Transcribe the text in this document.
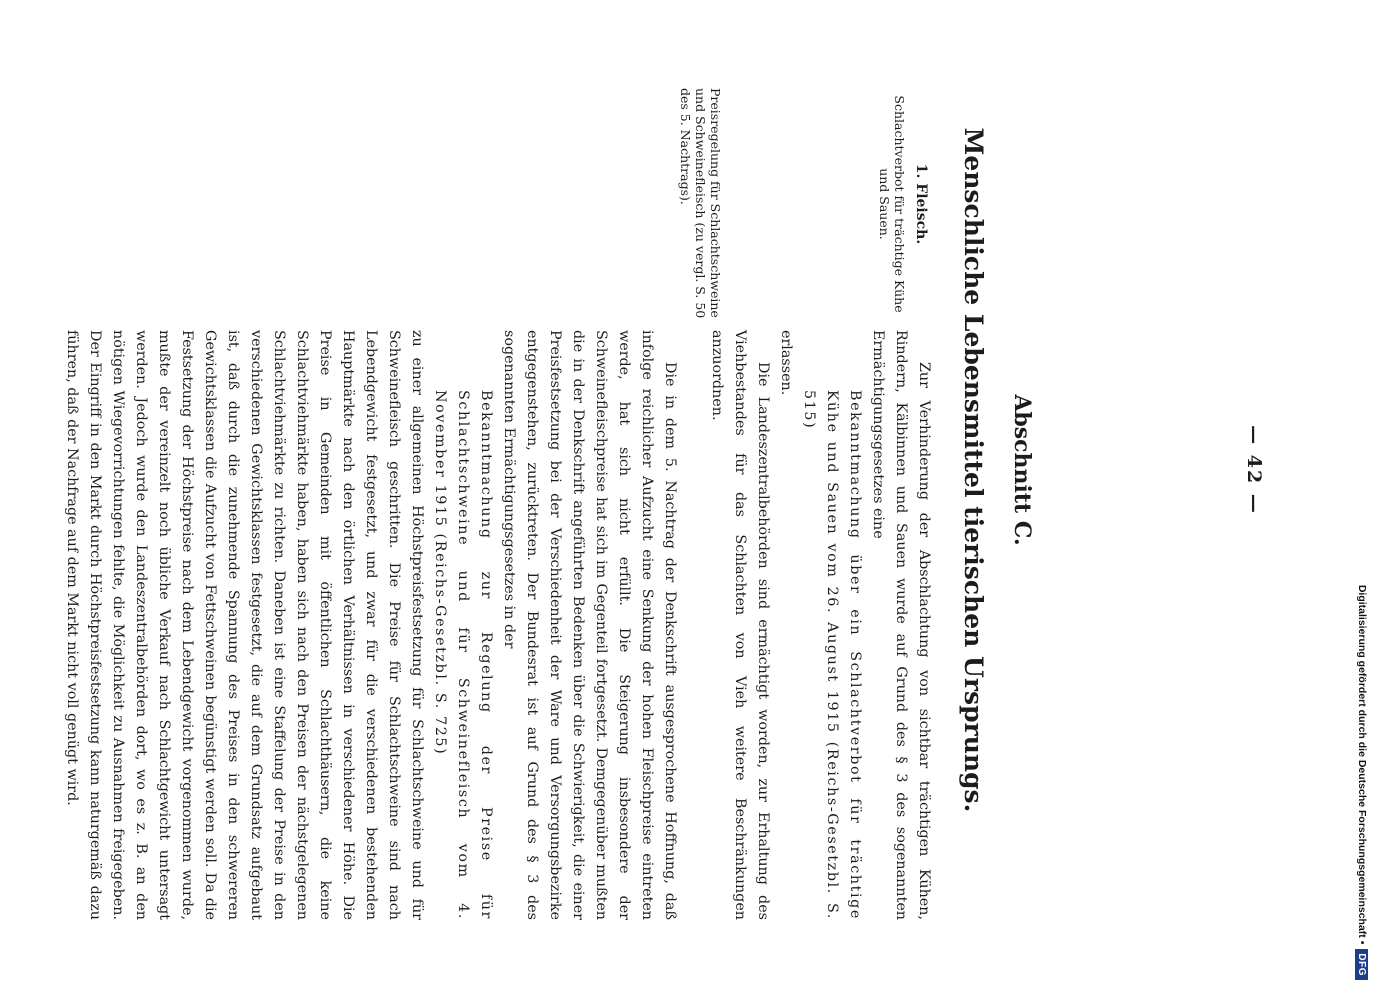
Digitalisierung gefördert durch die Deutsche Forschungsgemeinschaft •
DFG
— 42 —
Abschnitt C.
Menschliche Lebensmittel tierischen Ursprungs.
1. Fleisch.
Schlachtverbot für trächtige Kühe und Sauen.
Preisregelung für Schlachtschweine und Schweinefleisch (zu vergl. S. 50 des 5. Nachtrags).

Zur Verhinderung der Abschlachtung von sichtbar trächtigen Kühen, Rindern, Kälbinnen und Sauen wurde auf Grund des § 3 des sogenannten Ermächtigungsgesetzes eine

Bekanntmachung über ein Schlachtverbot für trächtige Kühe und Sauen vom 26. August 1915 (Reichs-Gesetzbl. S. 515)

erlassen.

Die Landeszentralbehörden sind ermächtigt worden, zur Erhaltung des Viehbestandes für das Schlachten von Vieh weitere Beschränkungen anzuordnen.

Die in dem 5. Nachtrag der Denkschrift ausgesprochene Hoffnung, daß infolge reichlicher Aufzucht eine Senkung der hohen Fleischpreise eintreten werde, hat sich nicht erfüllt. Die Steigerung insbesondere der Schweinefleischpreise hat sich im Gegenteil fortgesetzt. Demgegenüber mußten die in der Denkschrift angeführten Bedenken über die Schwierigkeit, die einer Preisfestsetzung bei der Verschiedenheit der Ware und Versorgungsbezirke entgegenstehen, zurücktreten. Der Bundesrat ist auf Grund des § 3 des sogenannten Ermächtigungsgesetzes in der

Bekanntmachung zur Regelung der Preise für Schlachtschweine und für Schweinefleisch vom 4. November 1915 (Reichs-Gesetzbl. S. 725)

zu einer allgemeinen Höchstpreisfestsetzung für Schlachtschweine und für Schweinefleisch geschritten. Die Preise für Schlachtschweine sind nach Lebendgewicht festgesetzt, und zwar für die verschiedenen bestehenden Hauptmärkte nach den örtlichen Verhältnissen in verschiedener Höhe. Die Preise in Gemeinden mit öffentlichen Schlachthäusern, die keine Schlachtviehmärkte haben, haben sich nach den Preisen der nächstgelegenen Schlachtviehmärkte zu richten. Daneben ist eine Staffelung der Preise in den verschiedenen Gewichtsklassen festgesetzt, die auf dem Grundsatz aufgebaut ist, daß durch die zunehmende Spannung des Preises in den schwereren Gewichtsklassen die Aufzucht von Fettschweinen begünstigt werden soll. Da die Festsetzung der Höchstpreise nach dem Lebendgewicht vorgenommen wurde, mußte der vereinzelt noch übliche Verkauf nach Schlachtgewicht untersagt werden. Jedoch wurde den Landeszentralbehörden dort, wo es z. B. an den nötigen Wiegevorrichtungen fehlte, die Möglichkeit zu Ausnahmen freigegeben. Der Eingriff in den Markt durch Höchstpreisfestsetzung kann naturgemäß dazu führen, daß der Nachfrage auf dem Markt nicht voll genügt wird.
